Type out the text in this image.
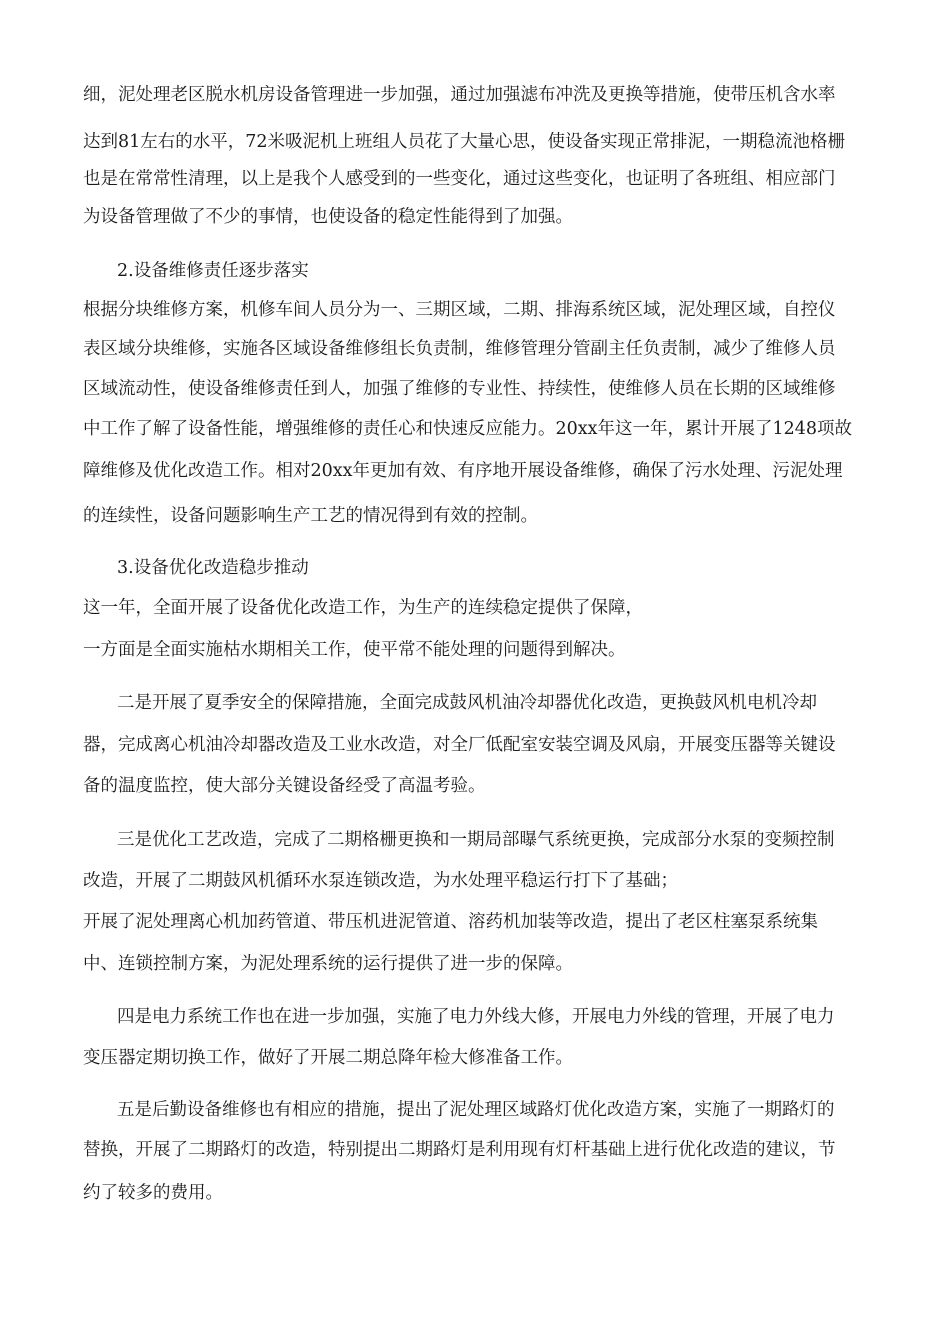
细，泥处理老区脱水机房设备管理进一步加强，通过加强滤布冲洗及更换等措施，使带压机含水率
达到81左右的水平，72米吸泥机上班组人员花了大量心思，使设备实现正常排泥，一期稳流池格栅
也是在常常性清理，以上是我个人感受到的一些变化，通过这些变化，也证明了各班组、相应部门
为设备管理做了不少的事情，也使设备的稳定性能得到了加强。
2.设备维修责任逐步落实
根据分块维修方案，机修车间人员分为一、三期区域，二期、排海系统区域，泥处理区域，自控仪
表区域分块维修，实施各区域设备维修组长负责制，维修管理分管副主任负责制，减少了维修人员
区域流动性，使设备维修责任到人，加强了维修的专业性、持续性，使维修人员在长期的区域维修
中工作了解了设备性能，增强维修的责任心和快速反应能力。20xx年这一年，累计开展了1248项故
障维修及优化改造工作。相对20xx年更加有效、有序地开展设备维修，确保了污水处理、污泥处理
的连续性，设备问题影响生产工艺的情况得到有效的控制。
3.设备优化改造稳步推动
这一年，全面开展了设备优化改造工作，为生产的连续稳定提供了保障，
一方面是全面实施枯水期相关工作，使平常不能处理的问题得到解决。
二是开展了夏季安全的保障措施，全面完成鼓风机油冷却器优化改造，更换鼓风机电机冷却
器，完成离心机油冷却器改造及工业水改造，对全厂低配室安装空调及风扇，开展变压器等关键设
备的温度监控，使大部分关键设备经受了高温考验。
三是优化工艺改造，完成了二期格栅更换和一期局部曝气系统更换，完成部分水泵的变频控制
改造，开展了二期鼓风机循环水泵连锁改造，为水处理平稳运行打下了基础；
开展了泥处理离心机加药管道、带压机进泥管道、溶药机加装等改造，提出了老区柱塞泵系统集
中、连锁控制方案，为泥处理系统的运行提供了进一步的保障。
四是电力系统工作也在进一步加强，实施了电力外线大修，开展电力外线的管理，开展了电力
变压器定期切换工作，做好了开展二期总降年检大修准备工作。
五是后勤设备维修也有相应的措施，提出了泥处理区域路灯优化改造方案，实施了一期路灯的
替换，开展了二期路灯的改造，特别提出二期路灯是利用现有灯杆基础上进行优化改造的建议，节
约了较多的费用。
